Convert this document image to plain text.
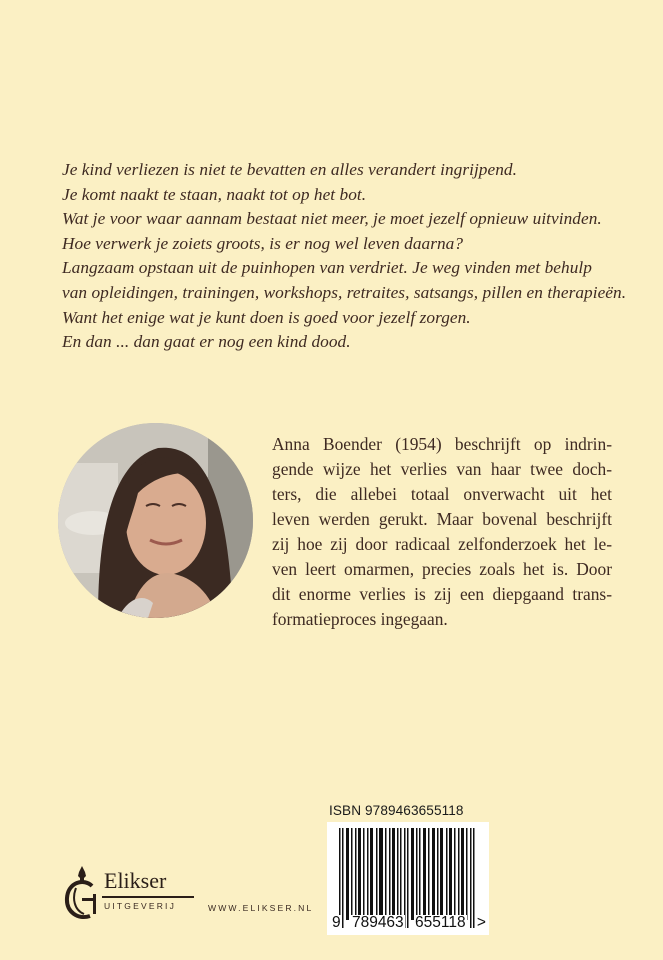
Je kind verliezen is niet te bevatten en alles verandert ingrijpend.
Je komt naakt te staan, naakt tot op het bot.
Wat je voor waar aannam bestaat niet meer, je moet jezelf opnieuw uitvinden.
Hoe verwerk je zoiets groots, is er nog wel leven daarna?
Langzaam opstaan uit de puinhopen van verdriet. Je weg vinden met behulp
van opleidingen, trainingen, workshops, retraites, satsangs, pillen en therapieën.
Want het enige wat je kunt doen is goed voor jezelf zorgen.
En dan ... dan gaat er nog een kind dood.
Anna Boender (1954) beschrijft op indrin-
gende wijze het verlies van haar twee doch-
ters, die allebei totaal onverwacht uit het
leven werden gerukt. Maar bovenal beschrijft
zij hoe zij door radicaal zelfonderzoek het le-
ven leert omarmen, precies zoals het is. Door
dit enorme verlies is zij een diepgaand trans-
formatieproces ingegaan.
ISBN 9789463655118
9 789463 655118 >
Elikser
UITGEVERIJ	WWW.ELIKSER.NL
